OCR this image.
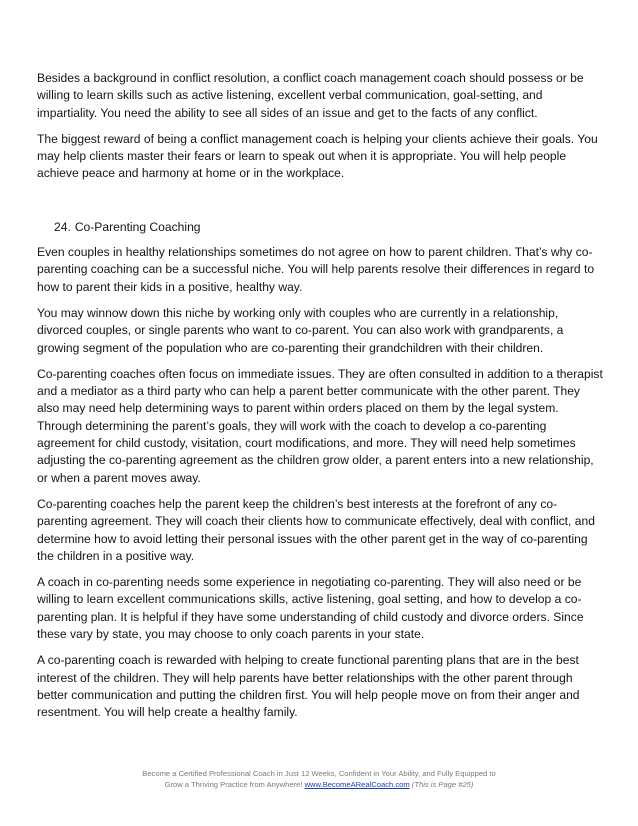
Besides a background in conflict resolution, a conflict coach management coach should possess or be willing to learn skills such as active listening, excellent verbal communication, goal-setting, and impartiality. You need the ability to see all sides of an issue and get to the facts of any conflict.

The biggest reward of being a conflict management coach is helping your clients achieve their goals. You may help clients master their fears or learn to speak out when it is appropriate. You will help people achieve peace and harmony at home or in the workplace.

24. Co-Parenting Coaching

Even couples in healthy relationships sometimes do not agree on how to parent children. That’s why co-parenting coaching can be a successful niche. You will help parents resolve their differences in regard to how to parent their kids in a positive, healthy way.

You may winnow down this niche by working only with couples who are currently in a relationship, divorced couples, or single parents who want to co-parent. You can also work with grandparents, a growing segment of the population who are co-parenting their grandchildren with their children.

Co-parenting coaches often focus on immediate issues. They are often consulted in addition to a therapist and a mediator as a third party who can help a parent better communicate with the other parent. They also may need help determining ways to parent within orders placed on them by the legal system. Through determining the parent’s goals, they will work with the coach to develop a co-parenting agreement for child custody, visitation, court modifications, and more. They will need help sometimes adjusting the co-parenting agreement as the children grow older, a parent enters into a new relationship, or when a parent moves away.

Co-parenting coaches help the parent keep the children’s best interests at the forefront of any co-parenting agreement. They will coach their clients how to communicate effectively, deal with conflict, and determine how to avoid letting their personal issues with the other parent get in the way of co-parenting the children in a positive way.

A coach in co-parenting needs some experience in negotiating co-parenting. They will also need or be willing to learn excellent communications skills, active listening, goal setting, and how to develop a co-parenting plan. It is helpful if they have some understanding of child custody and divorce orders. Since these vary by state, you may choose to only coach parents in your state.

A co-parenting coach is rewarded with helping to create functional parenting plans that are in the best interest of the children. They will help parents have better relationships with the other parent through better communication and putting the children first. You will help people move on from their anger and resentment. You will help create a healthy family.

Become a Certified Professional Coach in Just 12 Weeks, Confident in Your Ability, and Fully Equipped to
Grow a Thriving Practice from Anywhere! www.BecomeARealCoach.com (This is Page #25)
